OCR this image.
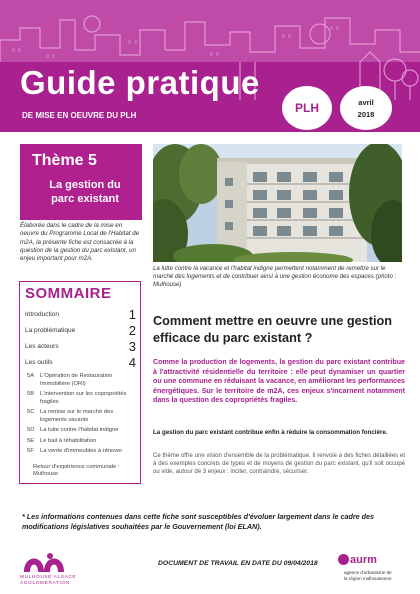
Guide pratique
DE MISE EN OEUVRE DU PLH
PLH	avril
2018
Thème 5
La gestion du
parc existant
Élaborée dans le cadre de la mise en oeuvre du Programme Local de l'Habitat de m2A, la présente fiche est consacrée à la question de la gestion du parc existant, un enjeu important pour m2A.
SOMMAIRE
Introduction	1
La problématique	2
Les acteurs	3
Les outils	4
5A	L'Opération de Restauration Immobilière (ORI)
5B	L'intervention sur les copropriétés fragiles
5C La remise sur le marché des logements vacants
5D La lutte contre l'habitat indigne
5E	Le bail à réhabilitation
5F	La vente d'immeubles à rénover
Retour d'expérience communale : Mulhouse
La lutte contre la vacance et l'habitat indigne permettent notamment de remettre sur le marché des logements et de contribuer ainsi à une gestion économe des espaces (photo : Mulhouse)
Comment mettre en oeuvre une gestion efficace du parc existant ?
Comme la production de logements, la gestion du parc existant contribue à l'attractivité résidentielle du territoire : elle peut dynamiser un quartier ou une commune en réduisant la vacance, en améliorant les performances énergétiques. Sur le territoire de m2A, ces enjeux s'incarnent notamment dans la question des copropriétés fragiles.
La gestion du parc existant contribue enfin à réduire la consommation foncière.
Ce thème offre une vision d'ensemble de la problématique. Il renvoie à des fiches détaillées et à des exemples concrets de types et de moyens de gestion du parc existant, qu'il soit occupé ou vide, autour de 3 enjeux : inciter, contraindre, sécuriser.
* Les informations contenues dans cette fiche sont susceptibles d'évoluer largement dans le cadre des modifications législatives souhaitées par le Gouvernement (loi ELAN).
MULHOUSE ALSACE
AGGLOMÉRATION
DOCUMENT DE TRAVAIL EN DATE DU 09/04/2018	aurm
agence d'urbanisme de
la région mulhousienne
